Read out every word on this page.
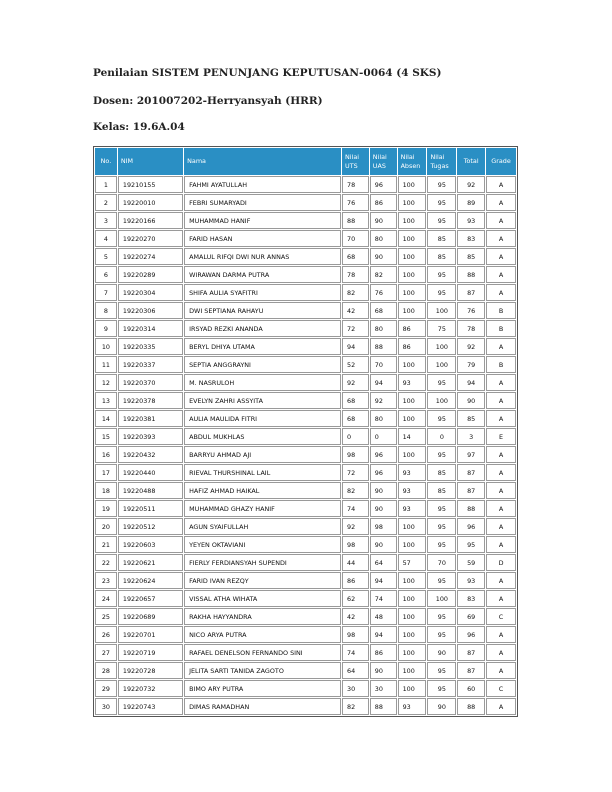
Penilaian SISTEM PENUNJANG KEPUTUSAN-0064 (4 SKS)
Dosen: 201007202-Herryansyah (HRR)
Kelas: 19.6A.04
No.	NIM	Nama	Nilai UTS	Nilai UAS	Nilai Absen	Nilai Tugas	Total	Grade
1	19210155	FAHMI AYATULLAH	78	96	100	95	92	A
2	19220010	FEBRI SUMARYADI	76	86	100	95	89	A
3	19220166	MUHAMMAD HANIF	88	90	100	95	93	A
4	19220270	FARID HASAN	70	80	100	85	83	A
5	19220274	AMALUL RIFQI DWI NUR ANNAS	68	90	100	85	85	A
6	19220289	WIRAWAN DARMA PUTRA	78	82	100	95	88	A
7	19220304	SHIFA AULIA SYAFITRI	82	76	100	95	87	A
8	19220306	DWI SEPTIANA RAHAYU	42	68	100	100	76	B
9	19220314	IRSYAD REZKI ANANDA	72	80	86	75	78	B
10	19220335	BERYL DHIYA UTAMA	94	88	86	100	92	A
11	19220337	SEPTIA ANGGRAYNI	52	70	100	100	79	B
12	19220370	M. NASRULOH	92	94	93	95	94	A
13	19220378	EVELYN ZAHRI ASSYITA	68	92	100	100	90	A
14	19220381	AULIA MAULIDA FITRI	68	80	100	95	85	A
15	19220393	ABDUL MUKHLAS	0	0	14	0	3	E
16	19220432	BARRYU AHMAD AJI	98	96	100	95	97	A
17	19220440	RIEVAL THURSHINAL LAIL	72	96	93	85	87	A
18	19220488	HAFIZ AHMAD HAIKAL	82	90	93	85	87	A
19	19220511	MUHAMMAD GHAZY HANIF	74	90	93	95	88	A
20	19220512	AGUN SYAIFULLAH	92	98	100	95	96	A
21	19220603	YEYEN OKTAVIANI	98	90	100	95	95	A
22	19220621	FIERLY FERDIANSYAH SUPENDI	44	64	57	70	59	D
23	19220624	FARID IVAN REZQY	86	94	100	95	93	A
24	19220657	VISSAL ATHA WIHATA	62	74	100	100	83	A
25	19220689	RAKHA HAYYANDRA	42	48	100	95	69	C
26	19220701	NICO ARYA PUTRA	98	94	100	95	96	A
27	19220719	RAFAEL DENELSON FERNANDO SINI	74	86	100	90	87	A
28	19220728	JELITA SARTI TANIDA ZAGOTO	64	90	100	95	87	A
29	19220732	BIMO ARY PUTRA	30	30	100	95	60	C
30	19220743	DIMAS RAMADHAN	82	88	93	90	88	A
